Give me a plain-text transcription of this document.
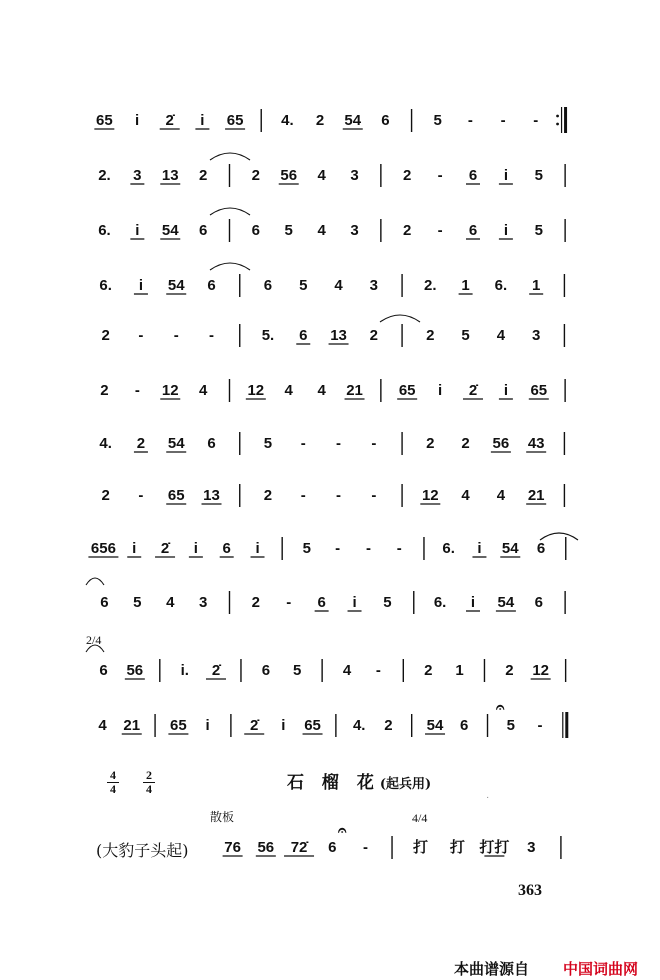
65 i 2̇ i 65	4. 2 54 6	5 - - -
2. 3 13 2	2 56 4 3	2 - 6 i 5
6. i 54 6	6 5 4 3	2 - 6 i 5
6. i 54 6	6 5 4 3	2. 1 6. 1
2 - - -	5. 6 13 2	2 5 4 3
2 - 12 4	12 4 4 21 65 i 2̇ i 65
4. 2 54 6	5 - - -	2 2 56 43
2 - 65 13	2 - - -	12 4 4 21
656 i 2̇ i 6 i	5 - - -	6. i 54 6
6 5 4 3	2 - 6 i 5	6. i 54 6
6 56 i. 2̇	6 5	4 -	2 1	2 12
4 21 65 i	2̇ i 65 4. 2 54 6	5 -
2/4
𝄐
76 56 72̇ 6 -
𝄐
4/4
打 打 打打 3
·
4
4
2
4	石 榴 花(起兵用)
散板
(大豹子头起)
363
本曲谱源自 中国词曲网
